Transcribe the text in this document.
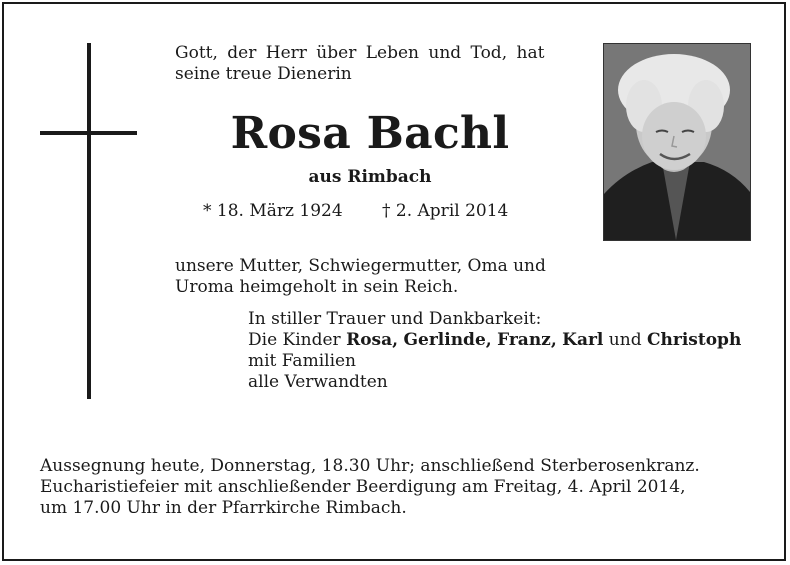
Gott, der Herr über Leben und Tod, hat
seine treue Dienerin
Rosa Bachl
aus Rimbach
* 18. März 1924 † 2. April 2014
unsere Mutter, Schwiegermutter, Oma und
Uroma heimgeholt in sein Reich.
In stiller Trauer und Dankbarkeit:
Die Kinder Rosa, Gerlinde, Franz, Karl und Christoph
mit Familien
alle Verwandten
Aussegnung heute, Donnerstag, 18.30 Uhr; anschließend Sterberosenkranz.
Eucharistiefeier mit anschließender Beerdigung am Freitag, 4. April 2014,
um 17.00 Uhr in der Pfarrkirche Rimbach.
